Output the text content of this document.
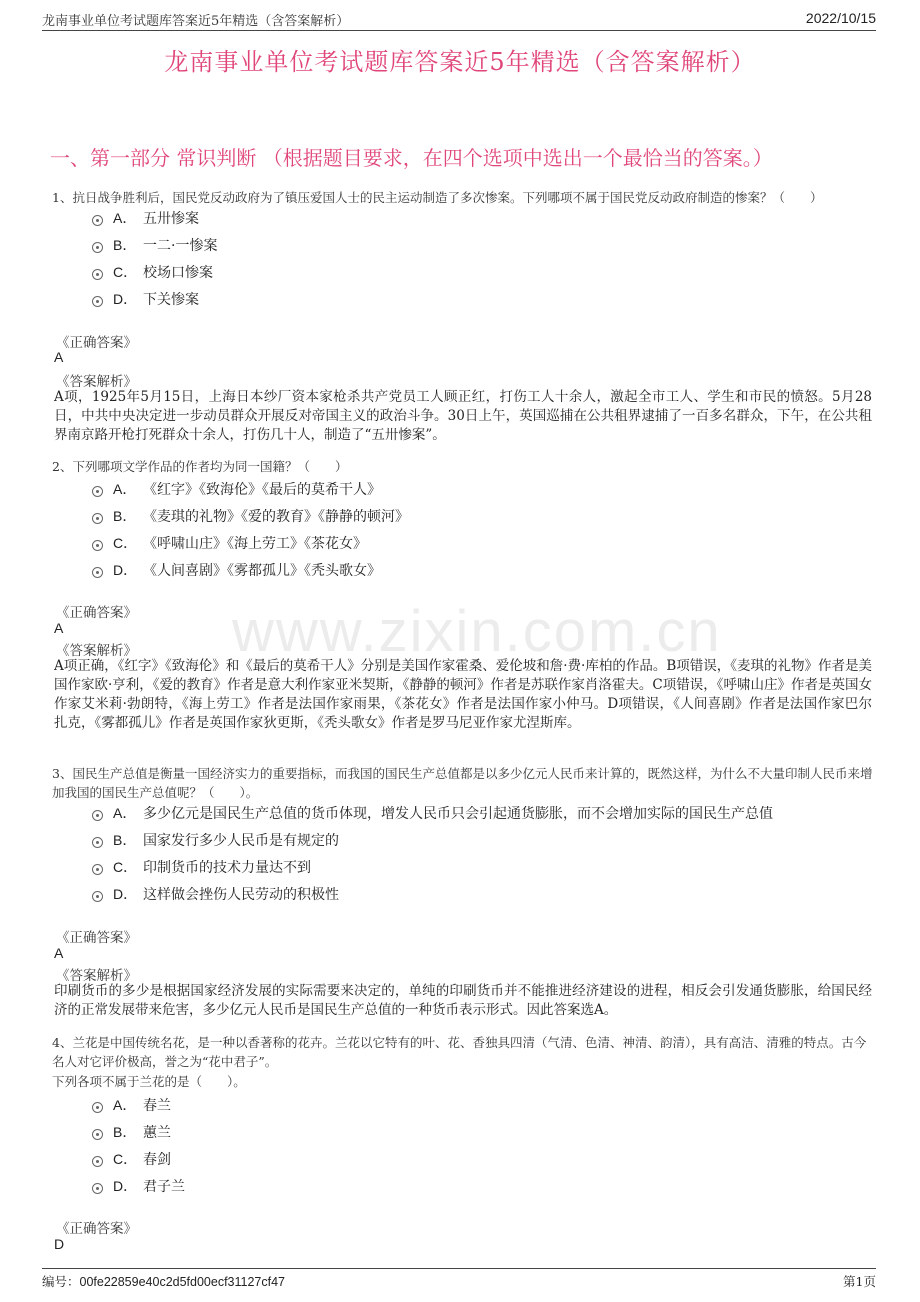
龙南事业单位考试题库答案近5年精选（含答案解析）	2022/10/15
龙南事业单位考试题库答案近5年精选（含答案解析）
一、第一部分 常识判断 （根据题目要求，在四个选项中选出一个最恰当的答案。）
www.zixin.com.cn
1、抗日战争胜利后，国民党反动政府为了镇压爱国人士的民主运动制造了多次惨案。下列哪项不属于国民党反动政府制造的惨案？（　　）
A． 五卅惨案
B． 一二·一惨案
C． 校场口惨案
D． 下关惨案
《正确答案》
A
《答案解析》
A项，1925年5月15日，上海日本纱厂资本家枪杀共产党员工人顾正红，打伤工人十余人，激起全市工人、学生和市民的愤怒。5月28日，中共中央决定进一步动员群众开展反对帝国主义的政治斗争。30日上午，英国巡捕在公共租界逮捕了一百多名群众，下午，在公共租界南京路开枪打死群众十余人，打伤几十人，制造了“五卅惨案”。
2、下列哪项文学作品的作者均为同一国籍？（　　）
A． 《红字》《致海伦》《最后的莫希干人》
B． 《麦琪的礼物》《爱的教育》《静静的顿河》
C． 《呼啸山庄》《海上劳工》《茶花女》
D． 《人间喜剧》《雾都孤儿》《秃头歌女》
《正确答案》
A
《答案解析》
A项正确，《红字》《致海伦》和《最后的莫希干人》分别是美国作家霍桑、爱伦坡和詹·费·库柏的作品。B项错误，《麦琪的礼物》作者是美国作家欧·亨利，《爱的教育》作者是意大利作家亚米契斯，《静静的顿河》作者是苏联作家肖洛霍夫。C项错误，《呼啸山庄》作者是英国女作家艾米莉·勃朗特，《海上劳工》作者是法国作家雨果，《茶花女》作者是法国作家小仲马。D项错误，《人间喜剧》作者是法国作家巴尔扎克，《雾都孤儿》作者是英国作家狄更斯，《秃头歌女》作者是罗马尼亚作家尤涅斯库。
3、国民生产总值是衡量一国经济实力的重要指标，而我国的国民生产总值都是以多少亿元人民币来计算的，既然这样，为什么不大量印制人民币来增加我国的国民生产总值呢？（　　）。
A． 多少亿元是国民生产总值的货币体现，增发人民币只会引起通货膨胀，而不会增加实际的国民生产总值
B． 国家发行多少人民币是有规定的
C． 印制货币的技术力量达不到
D． 这样做会挫伤人民劳动的积极性
《正确答案》
A
《答案解析》
印刷货币的多少是根据国家经济发展的实际需要来决定的，单纯的印刷货币并不能推进经济建设的进程，相反会引发通货膨胀，给国民经济的正常发展带来危害，多少亿元人民币是国民生产总值的一种货币表示形式。因此答案选A。
4、兰花是中国传统名花，是一种以香著称的花卉。兰花以它特有的叶、花、香独具四清（气清、色清、神清、韵清），具有高洁、清雅的特点。古今名人对它评价极高，誉之为“花中君子”。
下列各项不属于兰花的是（　　）。
A． 春兰
B． 蕙兰
C． 春剑
D． 君子兰
《正确答案》
D
编号：00fe22859e40c2d5fd00ecf31127cf47	第1页
